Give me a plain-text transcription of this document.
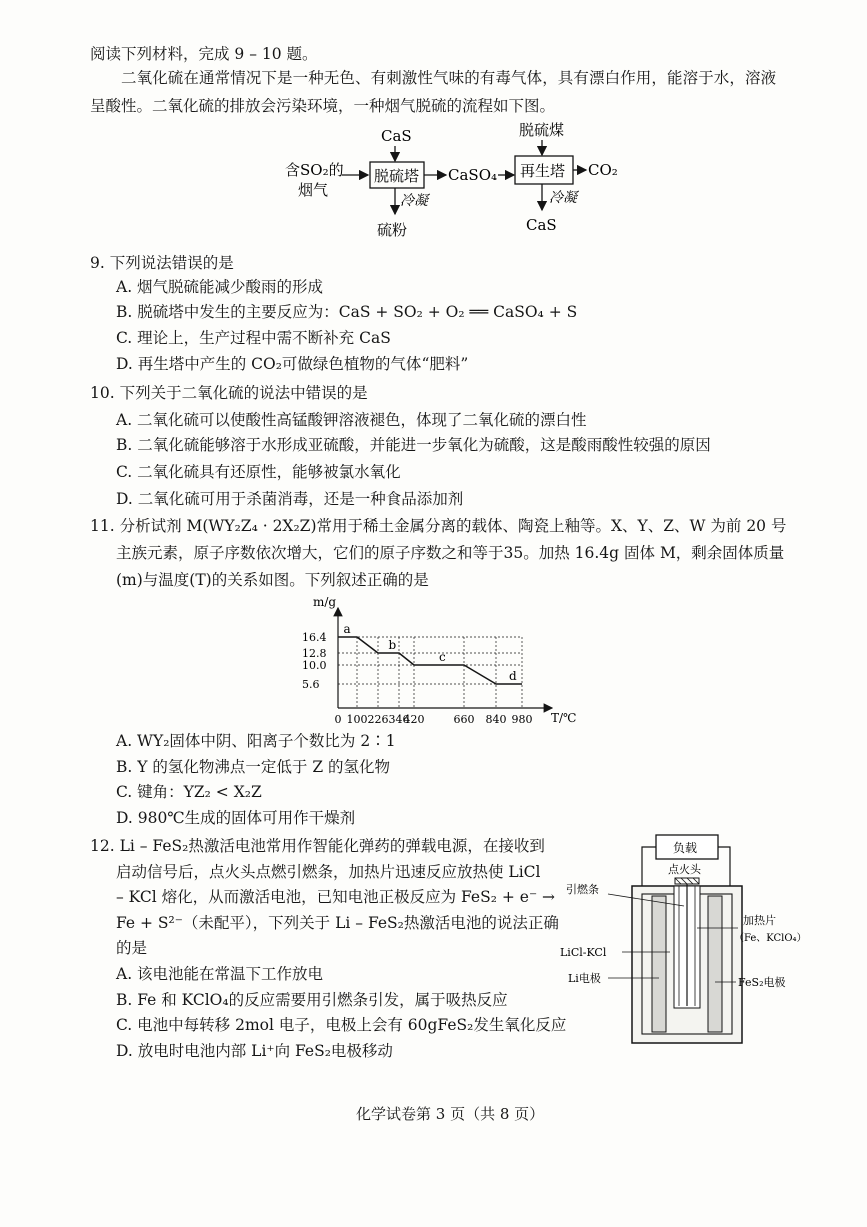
阅读下列材料，完成 9 – 10 题。
二氧化硫在通常情况下是一种无色、有刺激性气味的有毒气体，具有漂白作用，能溶于水，溶液
呈酸性。二氧化硫的排放会污染环境，一种烟气脱硫的流程如下图。
含SO₂的
烟气
CaS
脱硫塔
冷凝
硫粉
CaSO₄
脱硫煤
再生塔 CO₂
冷凝
CaS
9. 下列说法错误的是
A. 烟气脱硫能减少酸雨的形成
B. 脱硫塔中发生的主要反应为：CaS + SO₂ + O₂ ══ CaSO₄ + S
C. 理论上，生产过程中需不断补充 CaS
D. 再生塔中产生的 CO₂可做绿色植物的气体“肥料”
10. 下列关于二氧化硫的说法中错误的是
A. 二氧化硫可以使酸性高锰酸钾溶液褪色，体现了二氧化硫的漂白性
B. 二氧化硫能够溶于水形成亚硫酸，并能进一步氧化为硫酸，这是酸雨酸性较强的原因
C. 二氧化硫具有还原性，能够被氯水氧化
D. 二氧化硫可用于杀菌消毒，还是一种食品添加剂
11. 分析试剂 M(WY₂Z₄ · 2X₂Z)常用于稀土金属分离的载体、陶瓷上釉等。X、Y、Z、W 为前 20 号
主族元素，原子序数依次增大，它们的原子序数之和等于35。加热 16.4g 固体 M，剩余固体质量
(m)与温度(T)的关系如图。下列叙述正确的是
m/g
T/℃
16.4
12.8
10.0
5.6
0 100 226 346
420	660 840 980
a
b
c
d
A. WY₂固体中阴、阳离子个数比为 2∶1
B. Y 的氢化物沸点一定低于 Z 的氢化物
C. 键角：YZ₂ < X₂Z
D. 980℃生成的固体可用作干燥剂
12. Li – FeS₂热激活电池常用作智能化弹药的弹载电源，在接收到
启动信号后，点火头点燃引燃条，加热片迅速反应放热使 LiCl
– KCl 熔化，从而激活电池，已知电池正极反应为 FeS₂ + e⁻ →
Fe + S²⁻（未配平），下列关于 Li – FeS₂热激活电池的说法正确
的是
A. 该电池能在常温下工作放电
B. Fe 和 KClO₄的反应需要用引燃条引发，属于吸热反应
C. 电池中每转移 2mol 电子，电极上会有 60gFeS₂发生氧化反应
D. 放电时电池内部 Li⁺向 FeS₂电极移动
负载
点火头
引燃条
加热片
（Fe、KClO₄）
LiCl-KCl
Li电极	FeS₂电极
化学试卷第 3 页（共 8 页）
